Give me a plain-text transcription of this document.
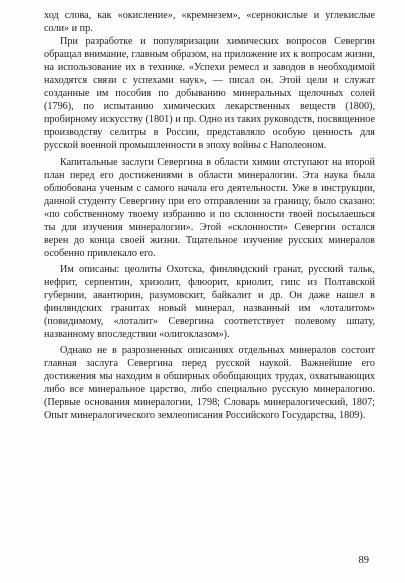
ход слова, как «окисление», «кремнезем», «сернокислые и углекислые соли» и пр.

При разработке и популяризации химических вопросов Севергин обращал внимание, главным образом, на приложение их к вопросам жизни, на использование их в технике. «Успехи ремесл и заводов в необходимой находятся связи с успехами наук», — писал он. Этой цели и служат созданные им пособия по добыванию минеральных щелочных солей (1796), по испытанию химических лекарственных веществ (1800), пробирному искусству (1801) и пр. Одно из таких руководств, посвященное производству селитры в России, представляло особую ценность для русской военной промышленности в эпоху войны с Наполеоном.

Капитальные заслуги Севергина в области химии отступают на второй план перед его достижениями в области минералогии. Эта наука была облюбована ученым с самого начала его деятельности. Уже в инструкции, данной студенту Севергину при его отправлении за границу, было сказано: «по собственному твоему избранию и по склонности твоей посылаешься ты для изучения минералогии». Этой «склонности» Севергин остался верен до конца своей жизни. Тщательное изучение русских минералов особенно привлекало его.

Им описаны: цеолиты Охотска, финляндский гранат, русский тальк, нефрит, серпентин, хризолит, флюорит, криолит, гипс из Полтавской губернии, авантюрин, разумовскит, байкалит и др. Он даже нашел в финляндских гранитах новый минерал, названный им «лоталитом» (повидимому, «лоталит» Севергина соответствует полевому шпату, названному впоследствии «олигоклазом»).

Однако не в разрозненных описаниях отдельных минералов состоит главная заслуга Севергина перед русской наукой. Важнейшие его достижения мы находим в обширных обобщающих трудах, охватывающих либо все минеральное царство, либо специально русскую минералогию. (Первые основания минералогии, 1798; Словарь минералогический, 1807; Опыт минералогического землеописания Российского Государства, 1809).

89
